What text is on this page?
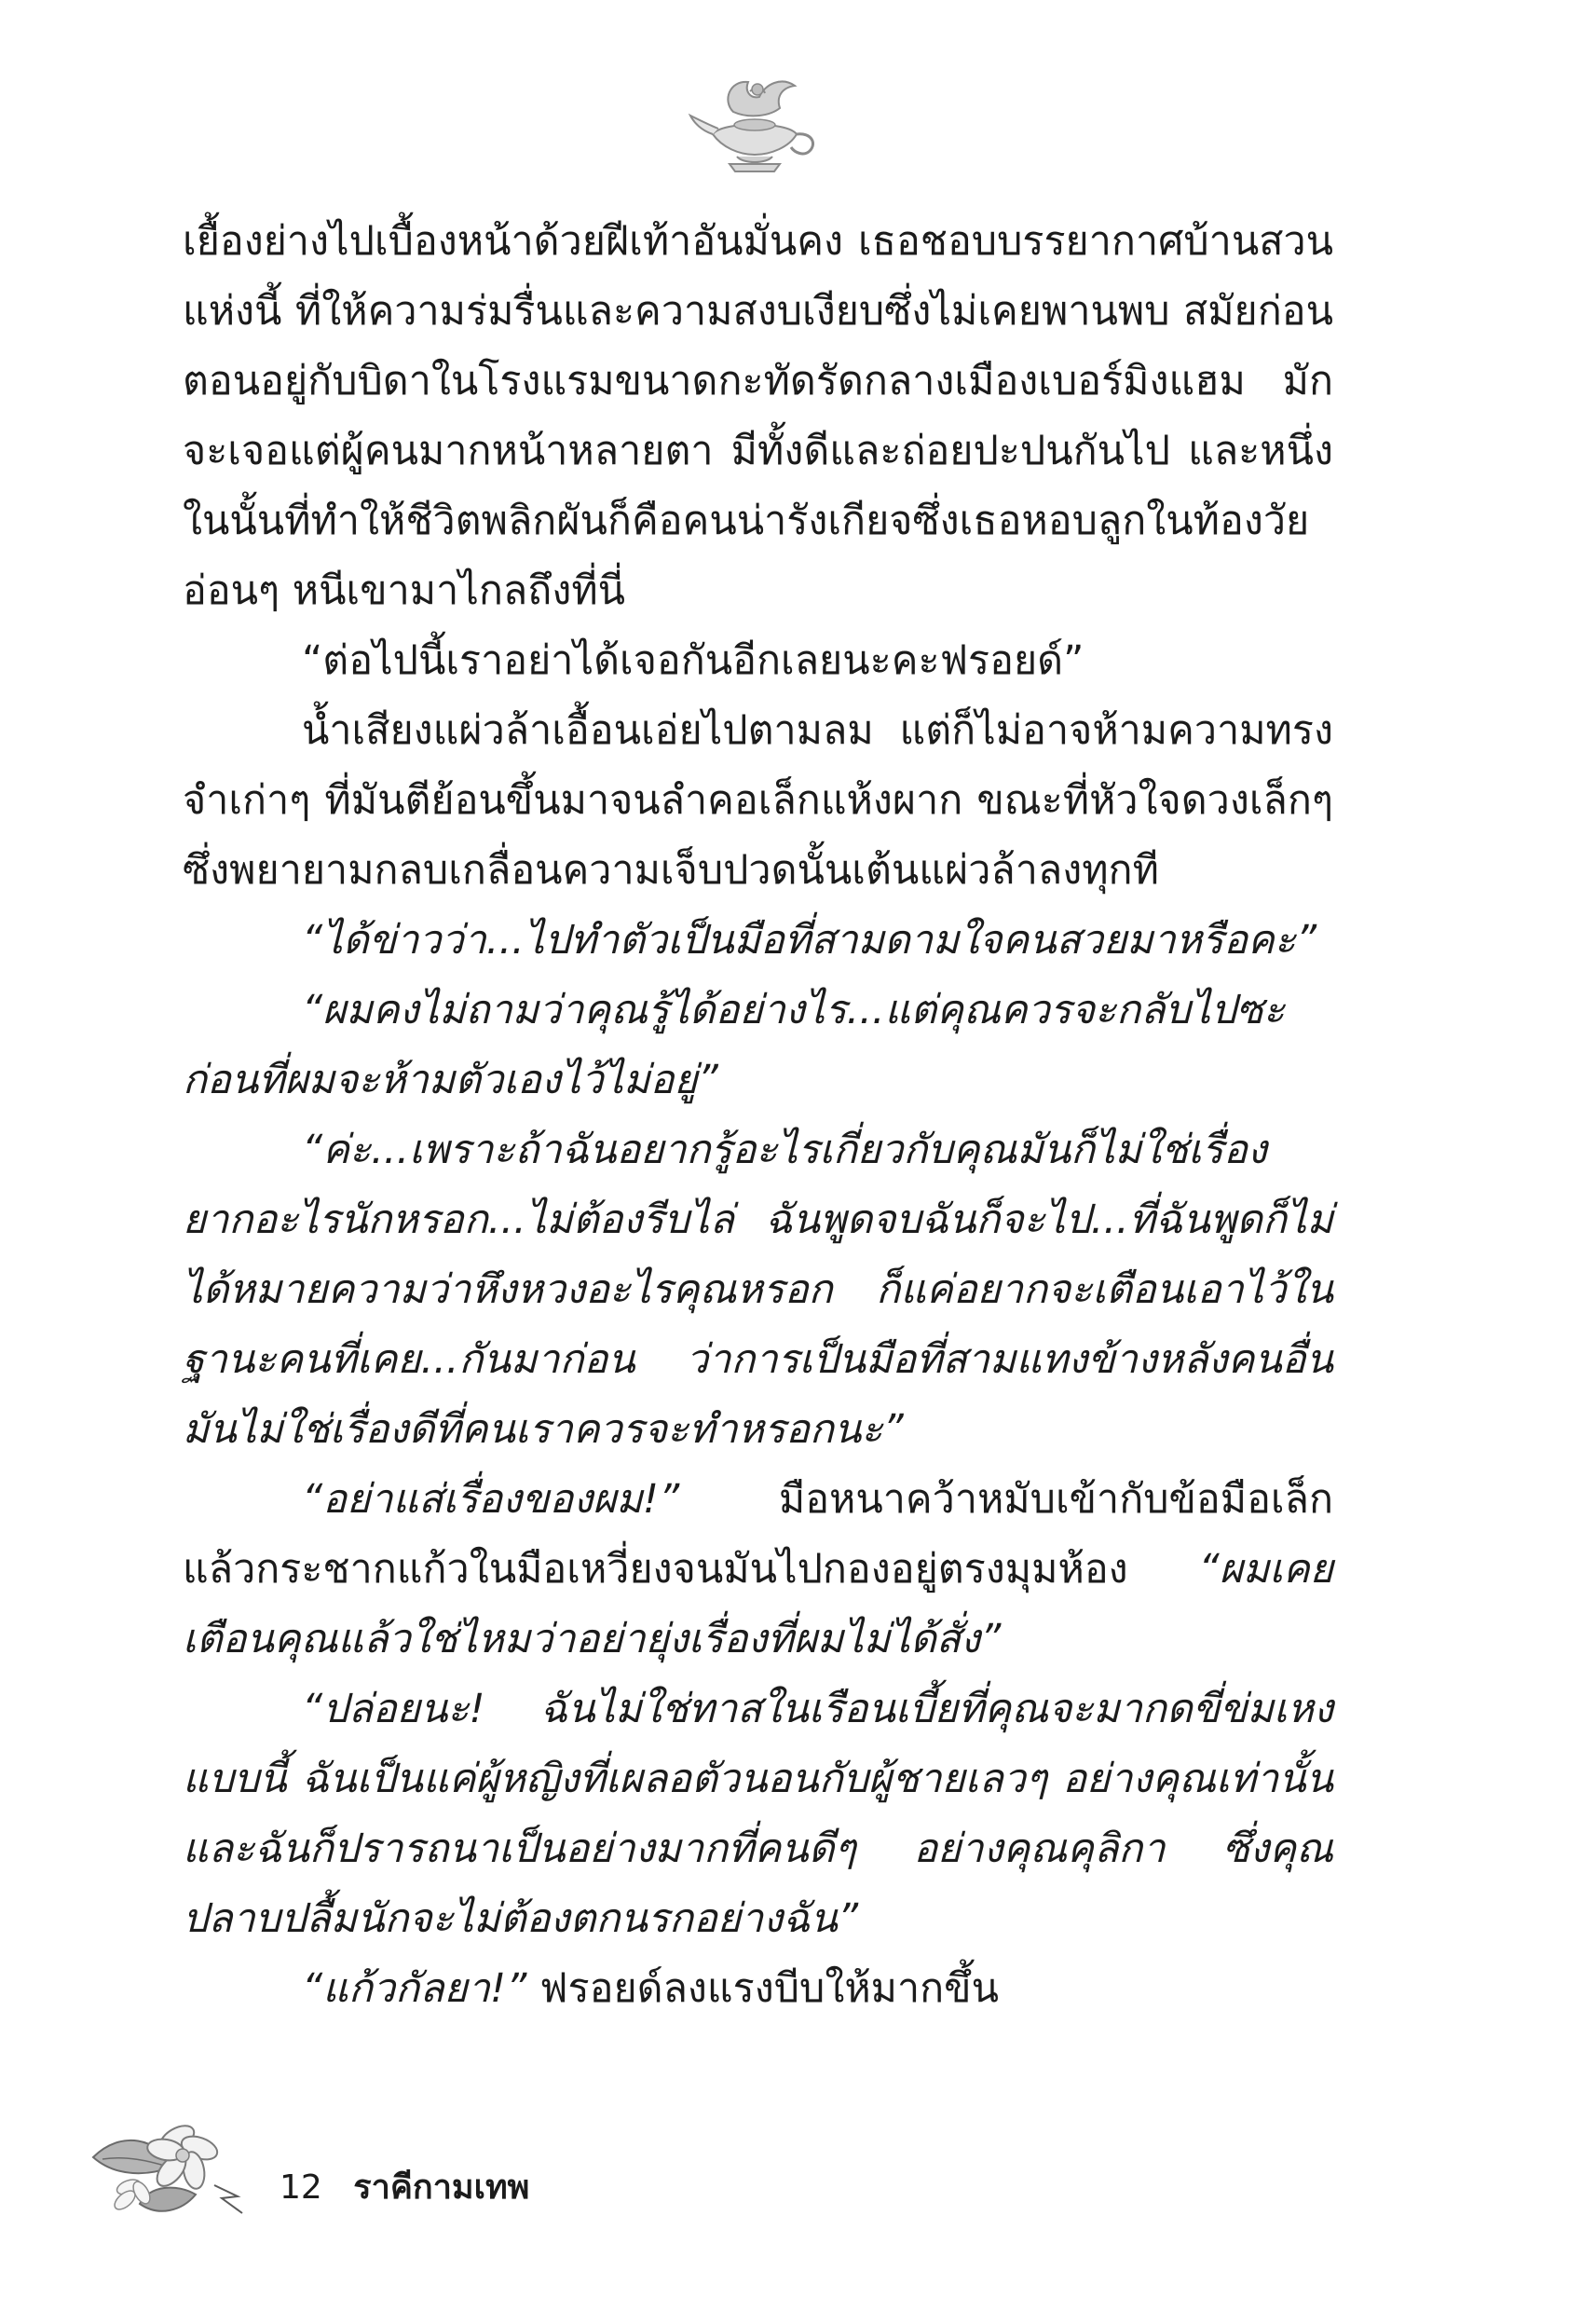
เยื้องย่างไปเบื้องหน้าด้วยฝีเท้าอันมั่นคง เธอชอบบรรยากาศบ้านสวนแห่งนี้ ที่ให้ความร่มรื่นและความสงบเงียบซึ่งไม่เคยพานพบ สมัยก่อนตอนอยู่กับบิดาในโรงแรมขนาดกะทัดรัดกลางเมืองเบอร์มิงแฮม มักจะเจอแต่ผู้คนมากหน้าหลายตา มีทั้งดีและถ่อยปะปนกันไป และหนึ่งในนั้นที่ทำให้ชีวิตพลิกผันก็คือคนน่ารังเกียจซึ่งเธอหอบลูกในท้องวัยอ่อนๆ หนีเขามาไกลถึงที่นี่

“ต่อไปนี้เราอย่าได้เจอกันอีกเลยนะคะฟรอยด์”

น้ำเสียงแผ่วล้าเอื้อนเอ่ยไปตามลม แต่ก็ไม่อาจห้ามความทรงจำเก่าๆ ที่มันตีย้อนขึ้นมาจนลำคอเล็กแห้งผาก ขณะที่หัวใจดวงเล็กๆ ซึ่งพยายามกลบเกลื่อนความเจ็บปวดนั้นเต้นแผ่วล้าลงทุกที

“ได้ข่าวว่า...ไปทำตัวเป็นมือที่สามดามใจคนสวยมาหรือคะ”

“ผมคงไม่ถามว่าคุณรู้ได้อย่างไร...แต่คุณควรจะกลับไปซะ ก่อนที่ผมจะห้ามตัวเองไว้ไม่อยู่”

“ค่ะ...เพราะถ้าฉันอยากรู้อะไรเกี่ยวกับคุณมันก็ไม่ใช่เรื่องยากอะไรนักหรอก...ไม่ต้องรีบไล่ ฉันพูดจบฉันก็จะไป...ที่ฉันพูดก็ไม่ได้หมายความว่าหึงหวงอะไรคุณหรอก ก็แค่อยากจะเตือนเอาไว้ในฐานะคนที่เคย...กันมาก่อน ว่าการเป็นมือที่สามแทงข้างหลังคนอื่นมันไม่ใช่เรื่องดีที่คนเราควรจะทำหรอกนะ”

“อย่าแส่เรื่องของผม!” มือหนาคว้าหมับเข้ากับข้อมือเล็กแล้วกระชากแก้วในมือเหวี่ยงจนมันไปกองอยู่ตรงมุมห้อง “ผมเคยเตือนคุณแล้วใช่ไหมว่าอย่ายุ่งเรื่องที่ผมไม่ได้สั่ง”

“ปล่อยนะ! ฉันไม่ใช่ทาสในเรือนเบี้ยที่คุณจะมากดขี่ข่มเหงแบบนี้ ฉันเป็นแค่ผู้หญิงที่เผลอตัวนอนกับผู้ชายเลวๆ อย่างคุณเท่านั้นและฉันก็ปรารถนาเป็นอย่างมากที่คนดีๆ อย่างคุณคุลิกา ซึ่งคุณปลาบปลื้มนักจะไม่ต้องตกนรกอย่างฉัน”

“แก้วกัลยา!” ฟรอยด์ลงแรงบีบให้มากขึ้น

12 ราคีกามเทพ
